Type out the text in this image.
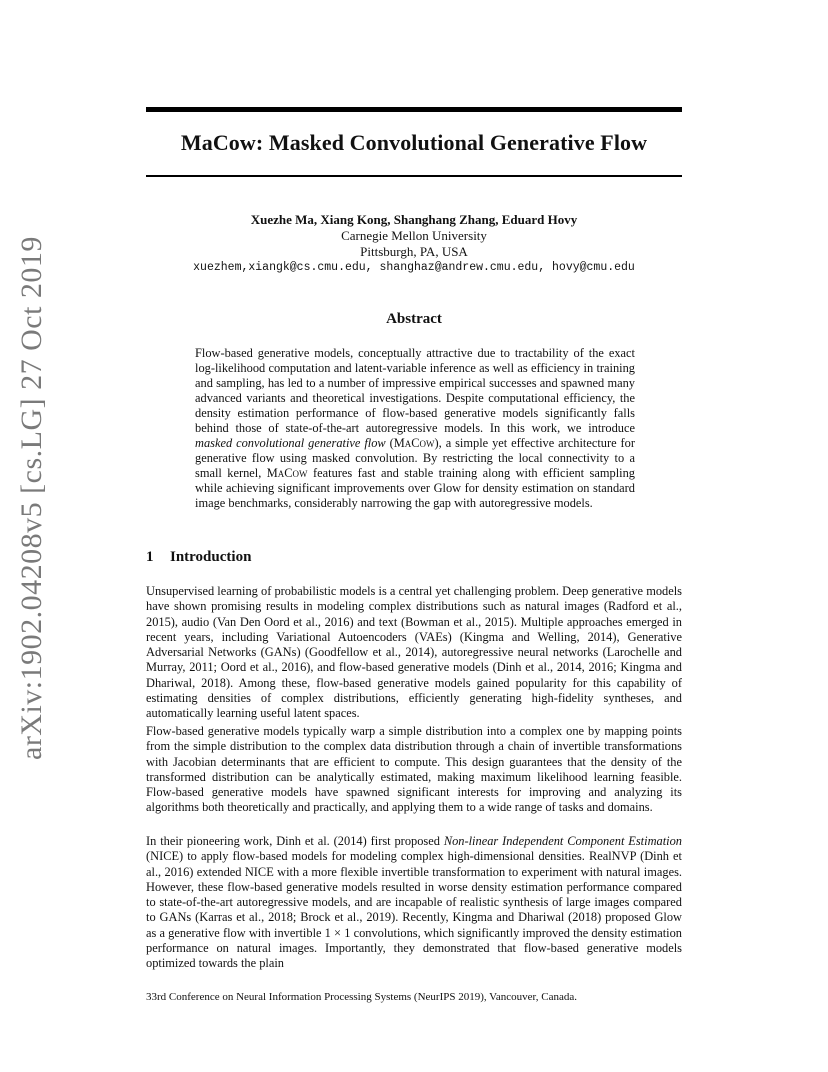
arXiv:1902.04208v5 [cs.LG] 27 Oct 2019
MaCow: Masked Convolutional Generative Flow
Xuezhe Ma, Xiang Kong, Shanghang Zhang, Eduard Hovy
Carnegie Mellon University
Pittsburgh, PA, USA
xuezhem,xiangk@cs.cmu.edu, shanghaz@andrew.cmu.edu, hovy@cmu.edu
Abstract

Flow-based generative models, conceptually attractive due to tractability of the exact log-likelihood computation and latent-variable inference as well as efficiency in training and sampling, has led to a number of impressive empirical successes and spawned many advanced variants and theoretical investigations. Despite computational efficiency, the density estimation performance of flow-based generative models significantly falls behind those of state-of-the-art autoregressive models. In this work, we introduce masked convolutional generative flow (MaCow), a simple yet effective architecture for generative flow using masked convolution. By restricting the local connectivity to a small kernel, MaCow features fast and stable training along with efficient sampling while achieving significant improvements over Glow for density estimation on standard image benchmarks, considerably narrowing the gap with autoregressive models.

1 Introduction

Unsupervised learning of probabilistic models is a central yet challenging problem. Deep generative models have shown promising results in modeling complex distributions such as natural images (Radford et al., 2015), audio (Van Den Oord et al., 2016) and text (Bowman et al., 2015). Multiple approaches emerged in recent years, including Variational Autoencoders (VAEs) (Kingma and Welling, 2014), Generative Adversarial Networks (GANs) (Goodfellow et al., 2014), autoregressive neural networks (Larochelle and Murray, 2011; Oord et al., 2016), and flow-based generative models (Dinh et al., 2014, 2016; Kingma and Dhariwal, 2018). Among these, flow-based generative models gained popularity for this capability of estimating densities of complex distributions, efficiently generating high-fidelity syntheses, and automatically learning useful latent spaces.

Flow-based generative models typically warp a simple distribution into a complex one by mapping points from the simple distribution to the complex data distribution through a chain of invertible transformations with Jacobian determinants that are efficient to compute. This design guarantees that the density of the transformed distribution can be analytically estimated, making maximum likelihood learning feasible. Flow-based generative models have spawned significant interests for improving and analyzing its algorithms both theoretically and practically, and applying them to a wide range of tasks and domains.

In their pioneering work, Dinh et al. (2014) first proposed Non-linear Independent Component Estimation (NICE) to apply flow-based models for modeling complex high-dimensional densities. RealNVP (Dinh et al., 2016) extended NICE with a more flexible invertible transformation to experiment with natural images. However, these flow-based generative models resulted in worse density estimation performance compared to state-of-the-art autoregressive models, and are incapable of realistic synthesis of large images compared to GANs (Karras et al., 2018; Brock et al., 2019). Recently, Kingma and Dhariwal (2018) proposed Glow as a generative flow with invertible 1 × 1 convolutions, which significantly improved the density estimation performance on natural images. Importantly, they demonstrated that flow-based generative models optimized towards the plain

33rd Conference on Neural Information Processing Systems (NeurIPS 2019), Vancouver, Canada.
